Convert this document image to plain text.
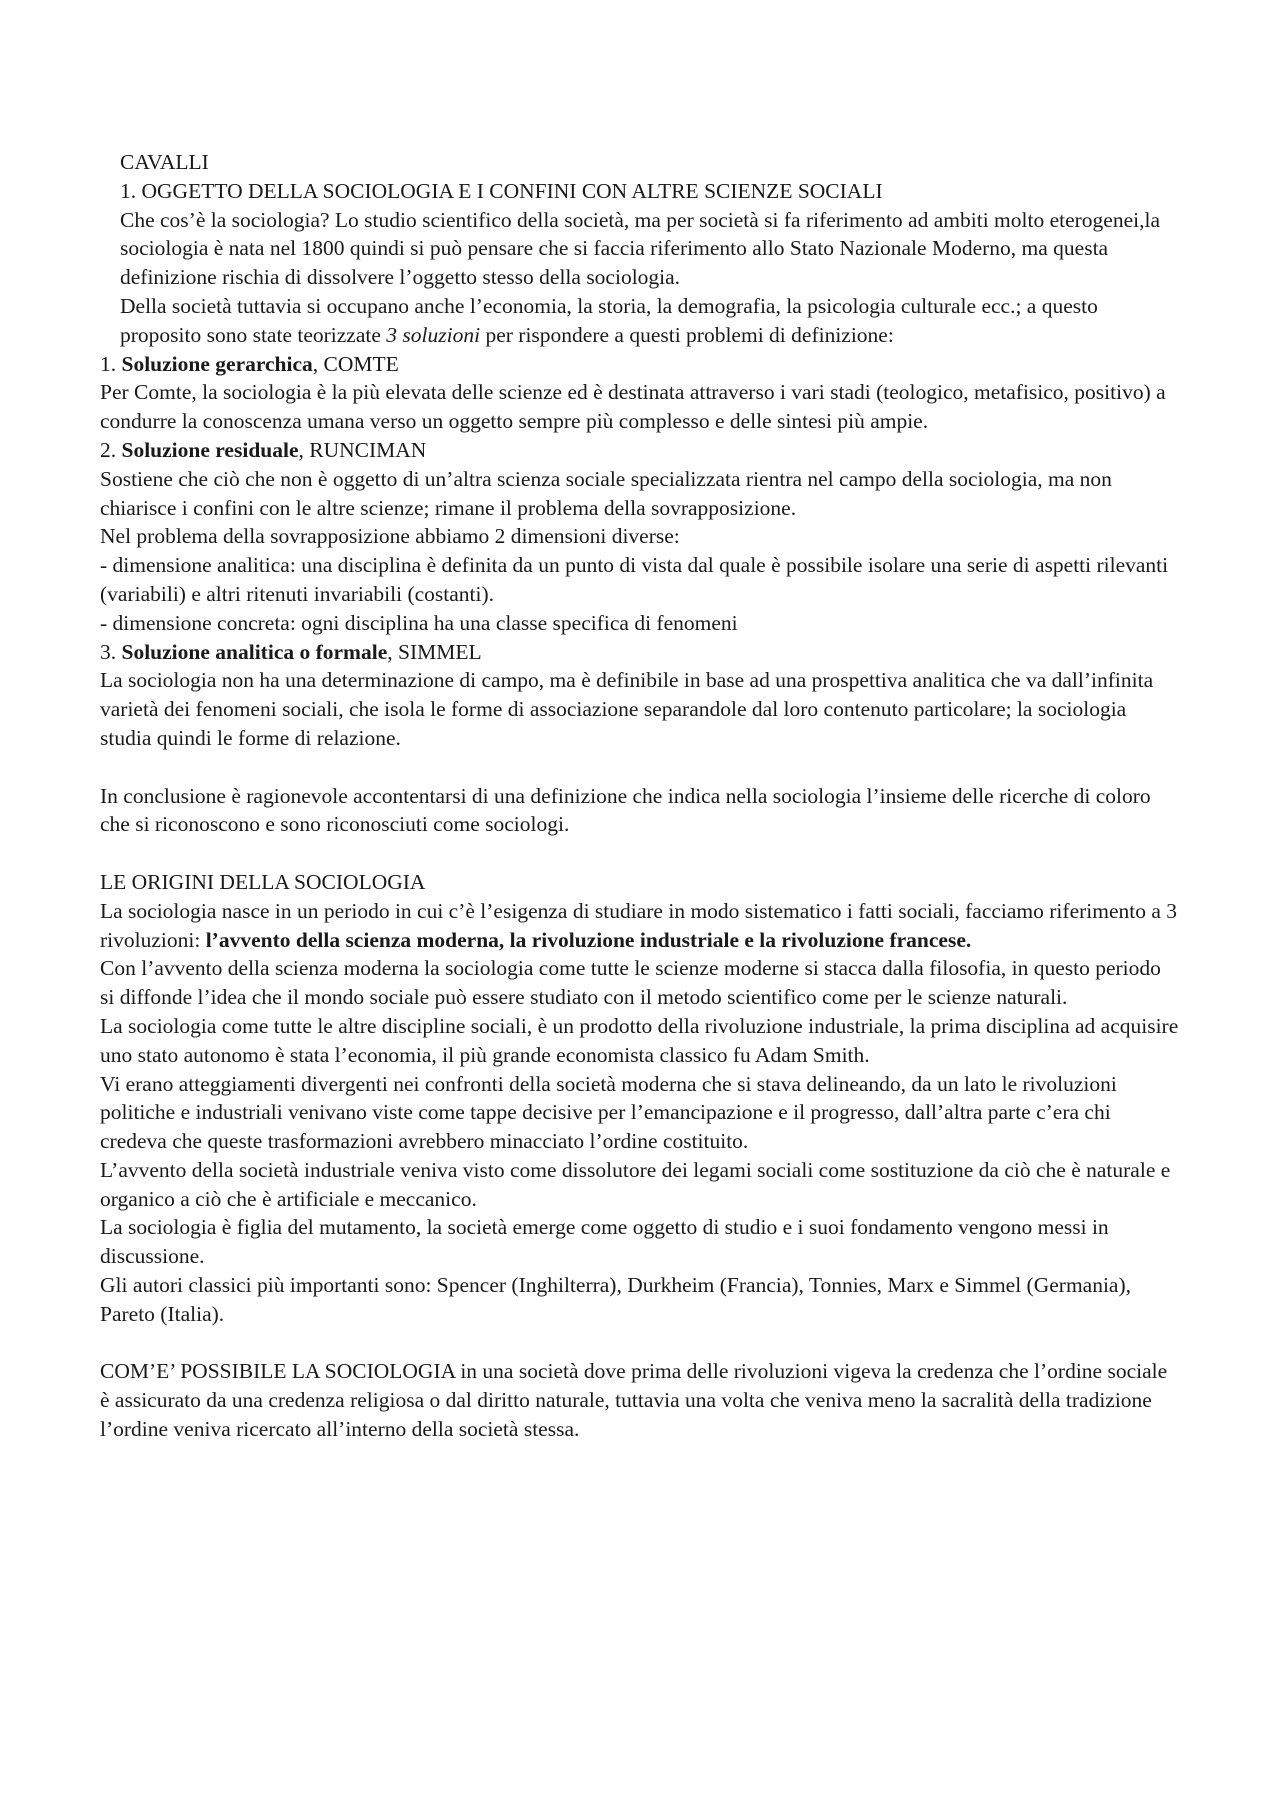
CAVALLI

1. OGGETTO DELLA SOCIOLOGIA E I CONFINI CON ALTRE SCIENZE SOCIALI

Che cos’è la sociologia? Lo studio scientifico della società, ma per società si fa riferimento ad ambiti molto eterogenei,la sociologia è nata nel 1800 quindi si può pensare che si faccia riferimento allo Stato Nazionale Moderno, ma questa definizione rischia di dissolvere l’oggetto stesso della sociologia.

Della società tuttavia si occupano anche l’economia, la storia, la demografia, la psicologia culturale ecc.; a questo proposito sono state teorizzate 3 soluzioni per rispondere a questi problemi di definizione:

1. Soluzione gerarchica, COMTE

Per Comte, la sociologia è la più elevata delle scienze ed è destinata attraverso i vari stadi (teologico, metafisico, positivo) a condurre la conoscenza umana verso un oggetto sempre più complesso e delle sintesi più ampie.

2. Soluzione residuale, RUNCIMAN

Sostiene che ciò che non è oggetto di un’altra scienza sociale specializzata rientra nel campo della sociologia, ma non chiarisce i confini con le altre scienze; rimane il problema della sovrapposizione.

Nel problema della sovrapposizione abbiamo 2 dimensioni diverse:

- dimensione analitica: una disciplina è definita da un punto di vista dal quale è possibile isolare una serie di aspetti rilevanti (variabili) e altri ritenuti invariabili (costanti).

- dimensione concreta: ogni disciplina ha una classe specifica di fenomeni

3. Soluzione analitica o formale, SIMMEL

La sociologia non ha una determinazione di campo, ma è definibile in base ad una prospettiva analitica che va dall’infinita varietà dei fenomeni sociali, che isola le forme di associazione separandole dal loro contenuto particolare; la sociologia studia quindi le forme di relazione.

In conclusione è ragionevole accontentarsi di una definizione che indica nella sociologia l’insieme delle ricerche di coloro che si riconoscono e sono riconosciuti come sociologi.

LE ORIGINI DELLA SOCIOLOGIA

La sociologia nasce in un periodo in cui c’è l’esigenza di studiare in modo sistematico i fatti sociali, facciamo riferimento a 3 rivoluzioni: l’avvento della scienza moderna, la rivoluzione industriale e la rivoluzione francese.

Con l’avvento della scienza moderna la sociologia come tutte le scienze moderne si stacca dalla filosofia, in questo periodo si diffonde l’idea che il mondo sociale può essere studiato con il metodo scientifico come per le scienze naturali.

La sociologia come tutte le altre discipline sociali, è un prodotto della rivoluzione industriale, la prima disciplina ad acquisire uno stato autonomo è stata l’economia, il più grande economista classico fu Adam Smith.

Vi erano atteggiamenti divergenti nei confronti della società moderna che si stava delineando, da un lato le rivoluzioni politiche e industriali venivano viste come tappe decisive per l’emancipazione e il progresso, dall’altra parte c’era chi credeva che queste trasformazioni avrebbero minacciato l’ordine costituito.

L’avvento della società industriale veniva visto come dissolutore dei legami sociali come sostituzione da ciò che è naturale e organico a ciò che è artificiale e meccanico.

La sociologia è figlia del mutamento, la società emerge come oggetto di studio e i suoi fondamento vengono messi in discussione.

Gli autori classici più importanti sono: Spencer (Inghilterra), Durkheim (Francia), Tonnies, Marx e Simmel (Germania), Pareto (Italia).

COM’E’ POSSIBILE LA SOCIOLOGIA in una società dove prima delle rivoluzioni vigeva la credenza che l’ordine sociale è assicurato da una credenza religiosa o dal diritto naturale, tuttavia una volta che veniva meno la sacralità della tradizione l’ordine veniva ricercato all’interno della società stessa.
